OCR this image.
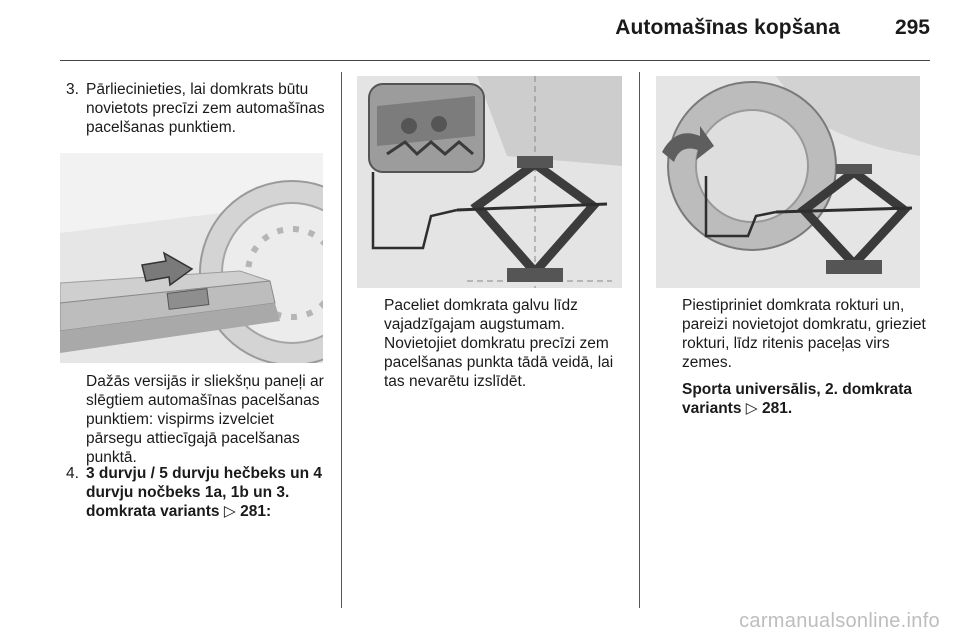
Automašīnas kopšana	295
3. Pārliecinieties, lai domkrats būtu novietots precīzi zem automašīnas pacelšanas punktiem.

Dažās versijās ir sliekšņu paneļi ar slēgtiem automašīnas pacelšanas punktiem: vispirms izvelciet pārsegu attiecīgajā pacelšanas punktā.

4. 3 durvju / 5 durvju hečbeks un 4 durvju nočbeks 1a, 1b un 3. domkrata variants ▷ 281:

Paceliet domkrata galvu līdz vajadzīgajam augstumam. Novietojiet domkratu precīzi zem pacelšanas punkta tādā veidā, lai tas nevarētu izslīdēt.

Piestipriniet domkrata rokturi un, pareizi novietojot domkratu, grieziet rokturi, līdz ritenis paceļas virs zemes.

Sporta universālis, 2. domkrata variants ▷ 281.

carmanualsonline.info
